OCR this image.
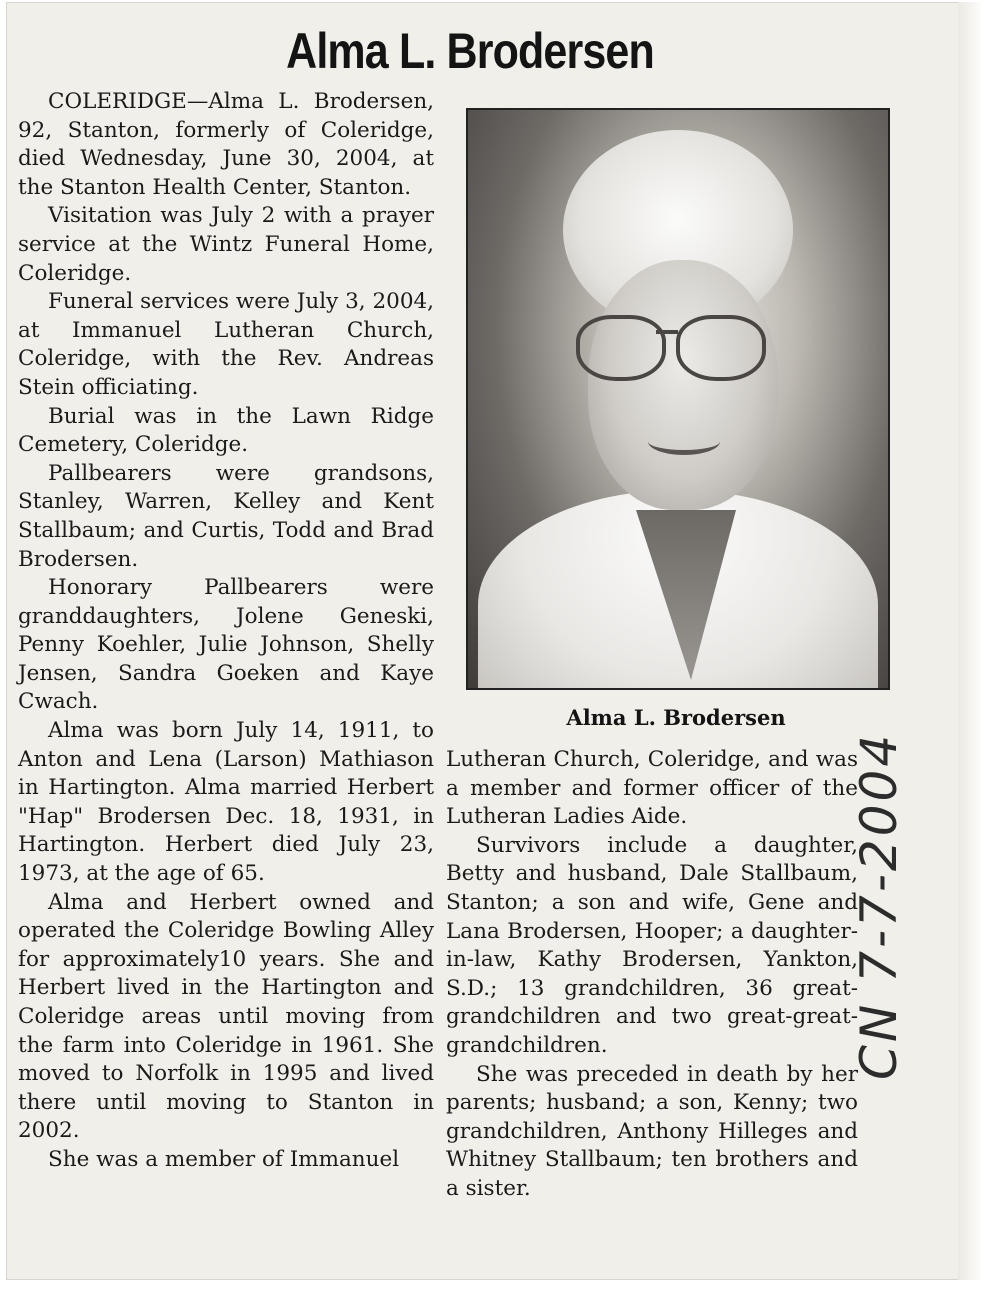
Alma L. Brodersen

COLERIDGE—Alma L. Brodersen, 92, Stanton, formerly of Coleridge, died Wednesday, June 30, 2004, at the Stanton Health Center, Stanton.

Visitation was July 2 with a prayer service at the Wintz Funeral Home, Coleridge.

Funeral services were July 3, 2004, at Immanuel Lutheran Church, Coleridge, with the Rev. Andreas Stein officiating.

Burial was in the Lawn Ridge Cemetery, Coleridge.

Pallbearers were grandsons, Stanley, Warren, Kelley and Kent Stallbaum; and Curtis, Todd and Brad Brodersen.

Honorary Pallbearers were granddaughters, Jolene Geneski, Penny Koehler, Julie Johnson, Shelly Jensen, Sandra Goeken and Kaye Cwach.

Alma was born July 14, 1911, to Anton and Lena (Larson) Mathiason in Hartington. Alma married Herbert "Hap" Brodersen Dec. 18, 1931, in Hartington. Herbert died July 23, 1973, at the age of 65.

Alma and Herbert owned and operated the Coleridge Bowling Alley for approximately10 years. She and Herbert lived in the Hartington and Coleridge areas until moving from the farm into Coleridge in 1961. She moved to Norfolk in 1995 and lived there until moving to Stanton in 2002.

She was a member of Immanuel

Alma L. Brodersen

Lutheran Church, Coleridge, and was a member and former officer of the Lutheran Ladies Aide.

Survivors include a daughter, Betty and husband, Dale Stallbaum, Stanton; a son and wife, Gene and Lana Brodersen, Hooper; a daughter-in-law, Kathy Brodersen, Yankton, S.D.; 13 grandchildren, 36 great-grandchildren and two great-great-grandchildren.

She was preceded in death by her parents; husband; a son, Kenny; two grandchildren, Anthony Hilleges and Whitney Stallbaum; ten brothers and a sister.

CN 7-7-2004
